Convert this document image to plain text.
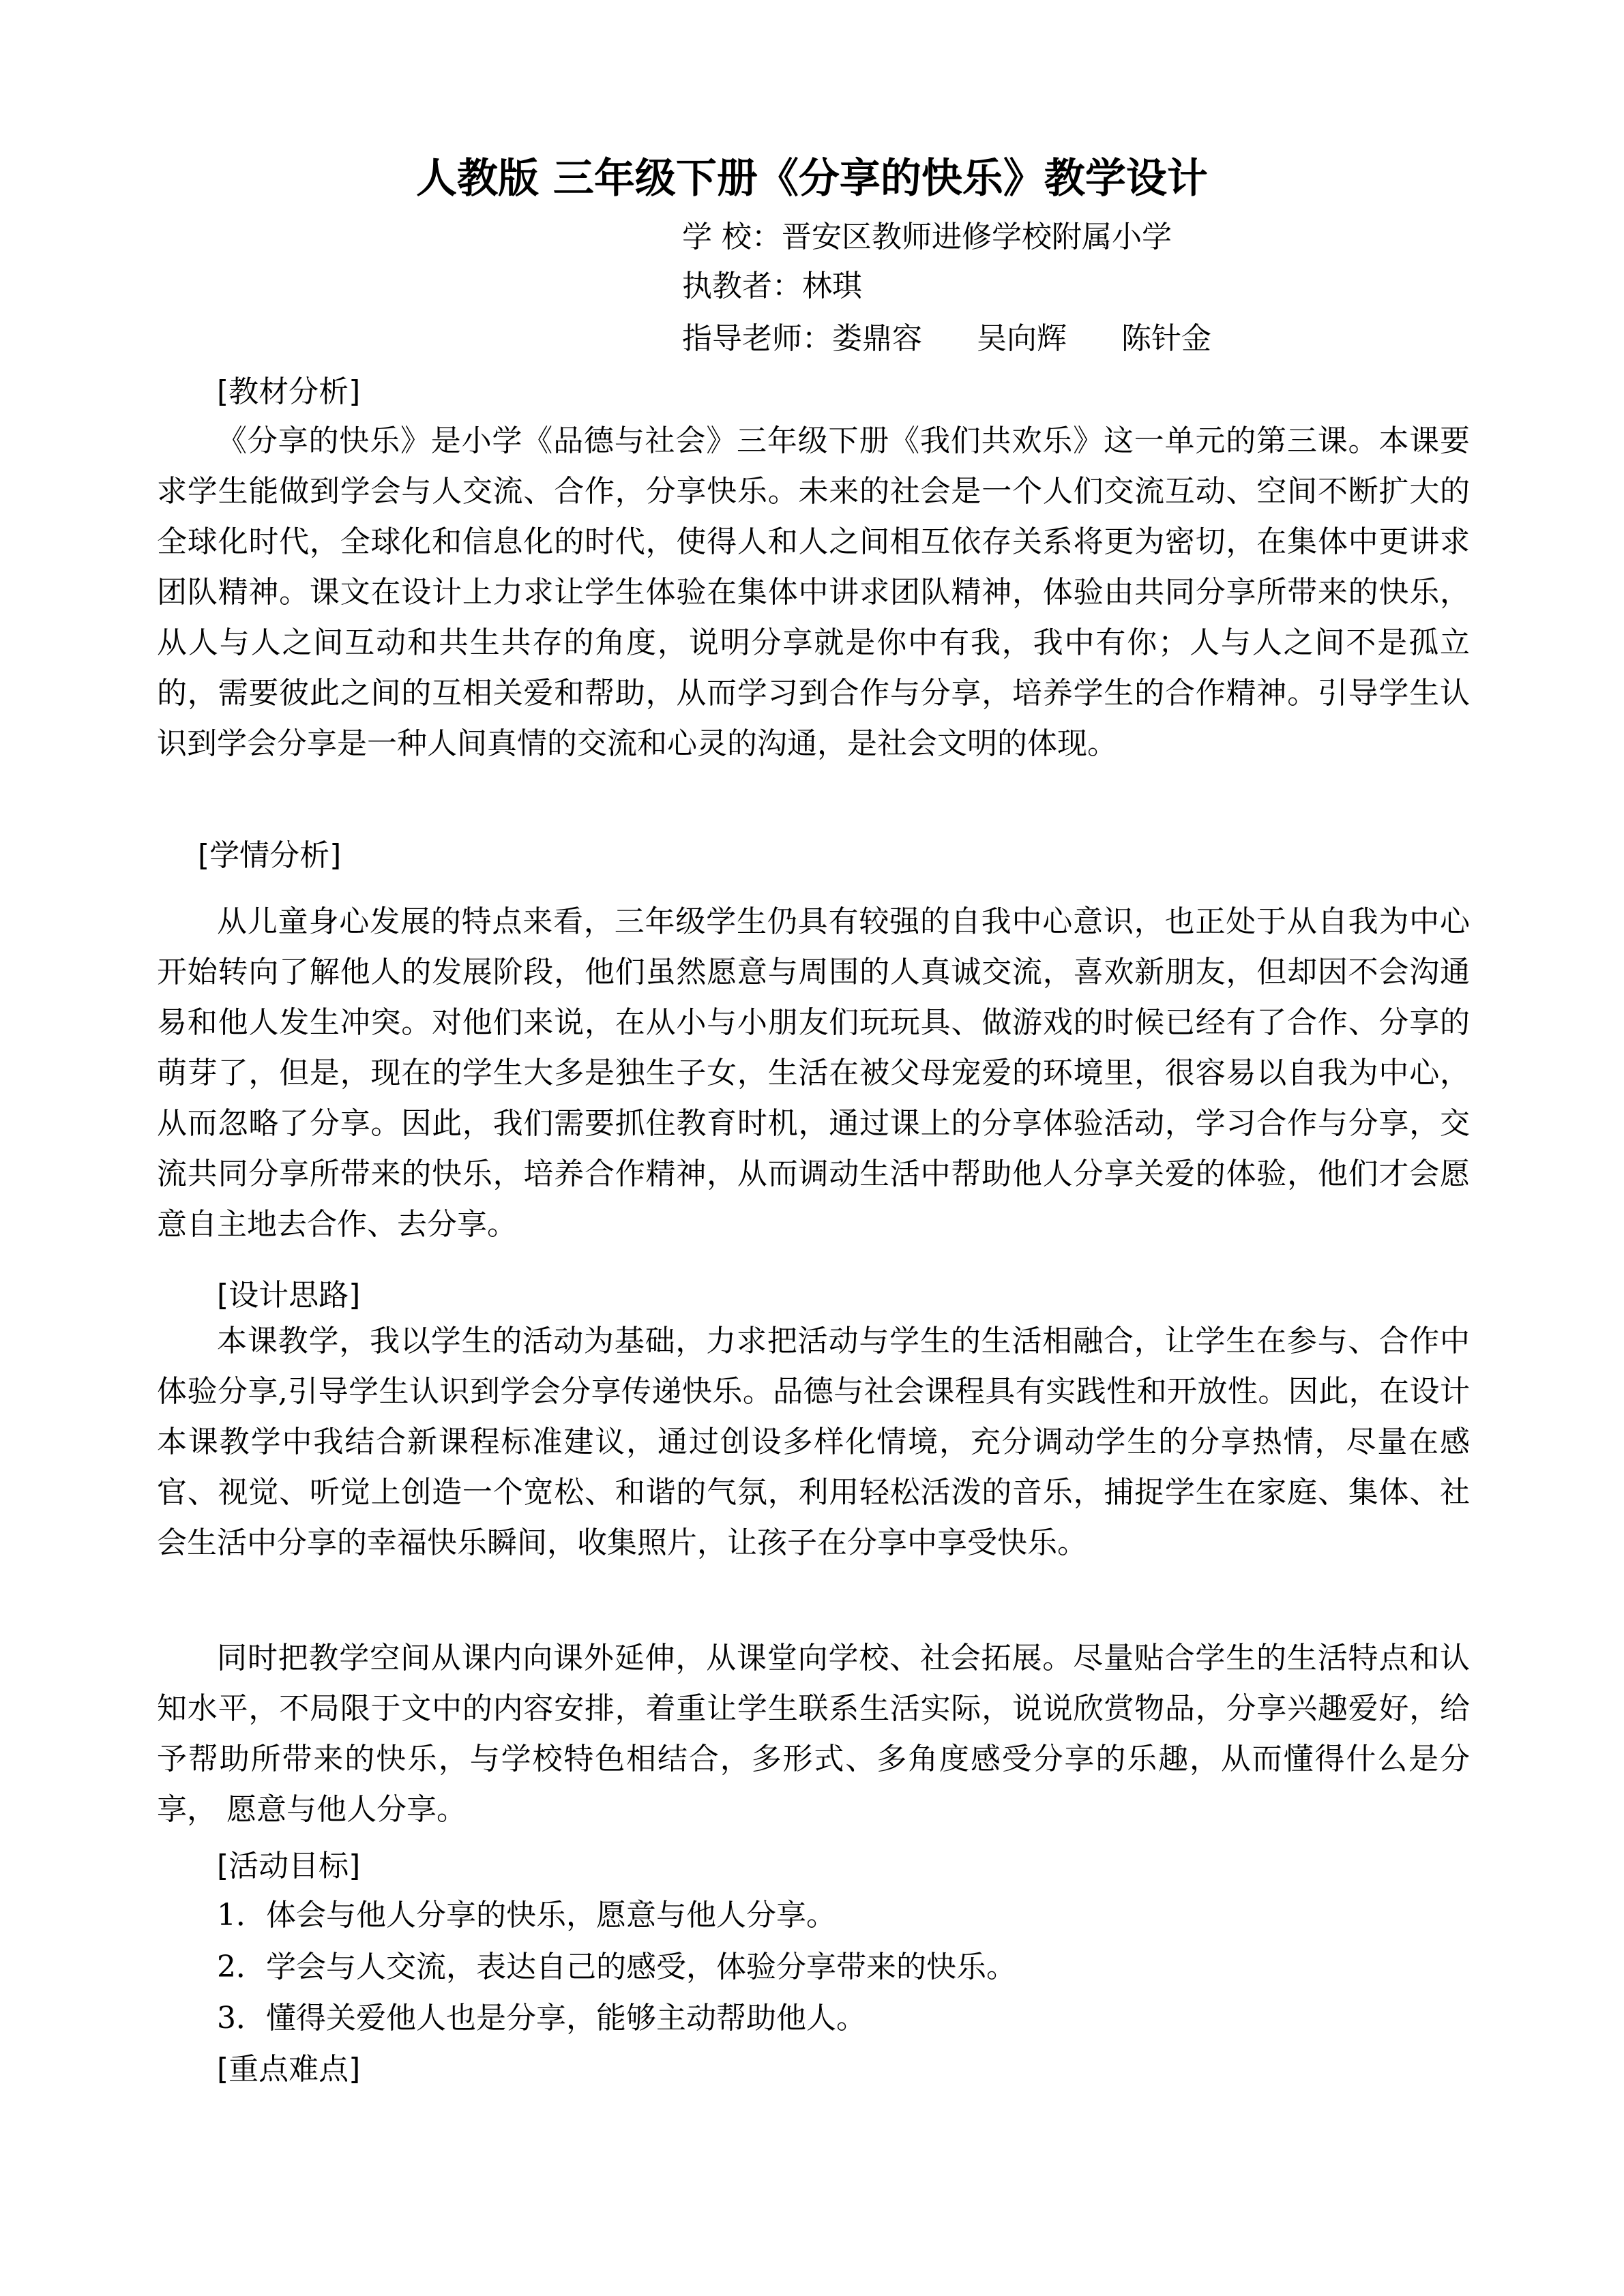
人教版 三年级下册《分享的快乐》教学设计
学 校：晋安区教师进修学校附属小学
执教者：林琪
指导老师：娄鼎容 吴向辉 陈针金
[教材分析]

《分享的快乐》是小学《品德与社会》三年级下册《我们共欢乐》这一单元的第三课。本课要求学生能做到学会与人交流、合作，分享快乐。未来的社会是一个人们交流互动、空间不断扩大的全球化时代，全球化和信息化的时代，使得人和人之间相互依存关系将更为密切，在集体中更讲求团队精神。课文在设计上力求让学生体验在集体中讲求团队精神，体验由共同分享所带来的快乐，从人与人之间互动和共生共存的角度，说明分享就是你中有我，我中有你；人与人之间不是孤立的，需要彼此之间的互相关爱和帮助，从而学习到合作与分享，培养学生的合作精神。引导学生认识到学会分享是一种人间真情的交流和心灵的沟通，是社会文明的体现。

[学情分析]

从儿童身心发展的特点来看，三年级学生仍具有较强的自我中心意识，也正处于从自我为中心开始转向了解他人的发展阶段，他们虽然愿意与周围的人真诚交流，喜欢新朋友，但却因不会沟通易和他人发生冲突。对他们来说，在从小与小朋友们玩玩具、做游戏的时候已经有了合作、分享的萌芽了，但是，现在的学生大多是独生子女，生活在被父母宠爱的环境里，很容易以自我为中心，从而忽略了分享。因此，我们需要抓住教育时机，通过课上的分享体验活动，学习合作与分享，交流共同分享所带来的快乐，培养合作精神，从而调动生活中帮助他人分享关爱的体验，他们才会愿意自主地去合作、去分享。

[设计思路]

本课教学，我以学生的活动为基础，力求把活动与学生的生活相融合，让学生在参与、合作中体验分享,引导学生认识到学会分享传递快乐。品德与社会课程具有实践性和开放性。因此，在设计本课教学中我结合新课程标准建议，通过创设多样化情境，充分调动学生的分享热情，尽量在感官、视觉、听觉上创造一个宽松、和谐的气氛，利用轻松活泼的音乐，捕捉学生在家庭、集体、社会生活中分享的幸福快乐瞬间，收集照片，让孩子在分享中享受快乐。

同时把教学空间从课内向课外延伸，从课堂向学校、社会拓展。尽量贴合学生的生活特点和认知水平，不局限于文中的内容安排，着重让学生联系生活实际，说说欣赏物品，分享兴趣爱好，给予帮助所带来的快乐，与学校特色相结合，多形式、多角度感受分享的乐趣，从而懂得什么是分享， 愿意与他人分享。

[活动目标]
1．体会与他人分享的快乐，愿意与他人分享。
2．学会与人交流，表达自己的感受，体验分享带来的快乐。
3．懂得关爱他人也是分享，能够主动帮助他人。
[重点难点]
